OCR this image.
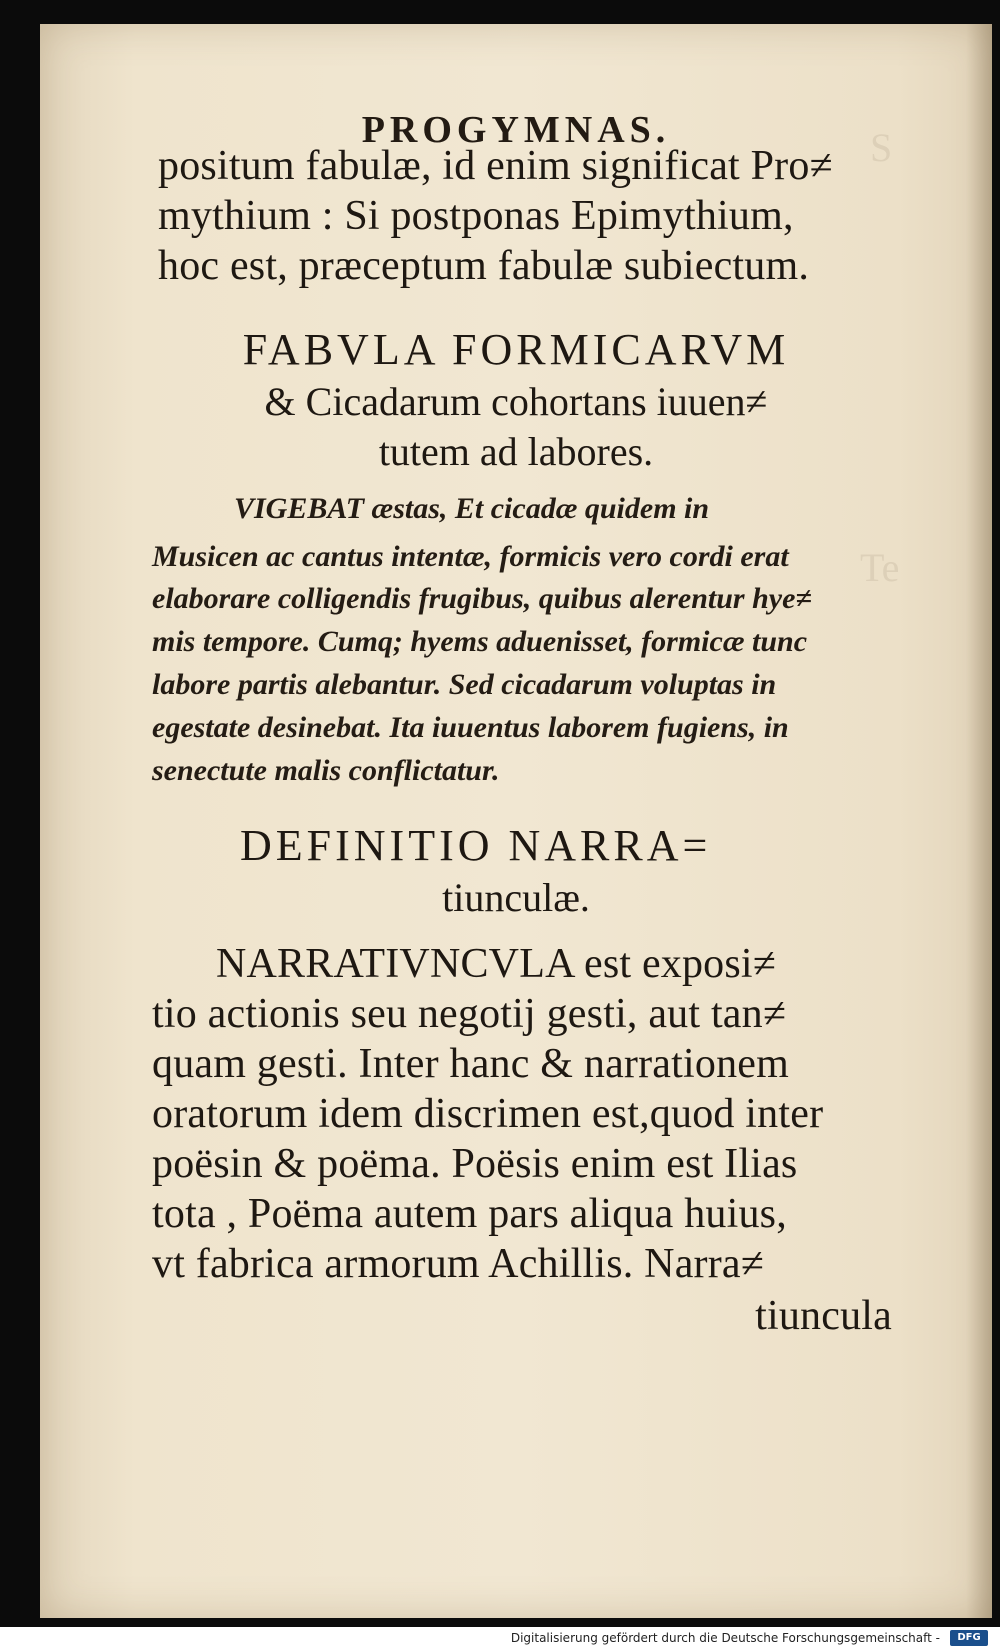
S
Te

PROGYMNAS.

positum fabulæ, id enim significat Pro≠

mythium : Si postponas Epimythium,

hoc est, præceptum fabulæ subiectum.

FABVLA FORMICARVM

& Cicadarum cohortans iuuen≠

tutem ad labores.

VIGEBAT æstas, Et cicadæ quidem in

Musicen ac cantus intentæ, formicis vero cordi erat

elaborare colligendis frugibus, quibus alerentur hye≠

mis tempore. Cumq; hyems aduenisset, formicæ tunc

labore partis alebantur. Sed cicadarum voluptas in

egestate desinebat. Ita iuuentus laborem fugiens, in

senectute malis conflictatur.

DEFINITIO NARRA=

tiunculæ.

NARRATIVNCVLA est exposi≠

tio actionis seu negotij gesti, aut tan≠

quam gesti. Inter hanc & narrationem

oratorum idem discrimen est,quod inter

poësin & poëma. Poësis enim est Ilias

tota , Poëma autem pars aliqua huius,

vt fabrica armorum Achillis. Narra≠

tiuncula

Digitalisierung gefördert durch die Deutsche Forschungsgemeinschaft -	DFG
